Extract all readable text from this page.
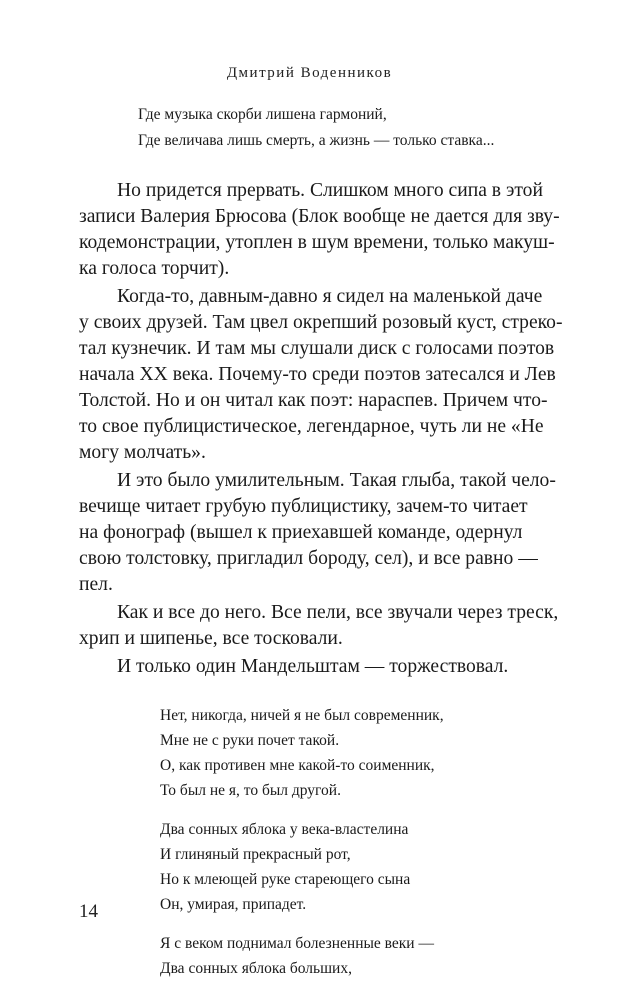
Дмитрий Воденников
Где музыка скорби лишена гармоний,
Где величава лишь смерть, а жизнь — только ставка...
Но придется прервать. Слишком много сипа в этой
записи Валерия Брюсова (Блок вообще не дается для зву-
кодемонстрации, утоплен в шум времени, только макуш-
ка голоса торчит).
Когда-то, давным-давно я сидел на маленькой даче
у своих друзей. Там цвел окрепший розовый куст, стреко-
тал кузнечик. И там мы слушали диск с голосами поэтов
начала XX века. Почему-то среди поэтов затесался и Лев
Толстой. Но и он читал как поэт: нараспев. Причем что-
то свое публицистическое, легендарное, чуть ли не «Не
могу молчать».
И это было умилительным. Такая глыба, такой чело-
вечище читает грубую публицистику, зачем-то читает
на фонограф (вышел к приехавшей команде, одернул
свою толстовку, пригладил бороду, сел), и все равно —
пел.
Как и все до него. Все пели, все звучали через треск,
хрип и шипенье, все тосковали.
И только один Мандельштам — торжествовал.
Нет, никогда, ничей я не был современник,
Мне не с руки почет такой.
О, как противен мне какой-то соименник,
То был не я, то был другой.
Два сонных яблока у века-властелина
И глиняный прекрасный рот,
Но к млеющей руке стареющего сына
Он, умирая, припадет.
Я с веком поднимал болезненные веки —
Два сонных яблока больших,
14
